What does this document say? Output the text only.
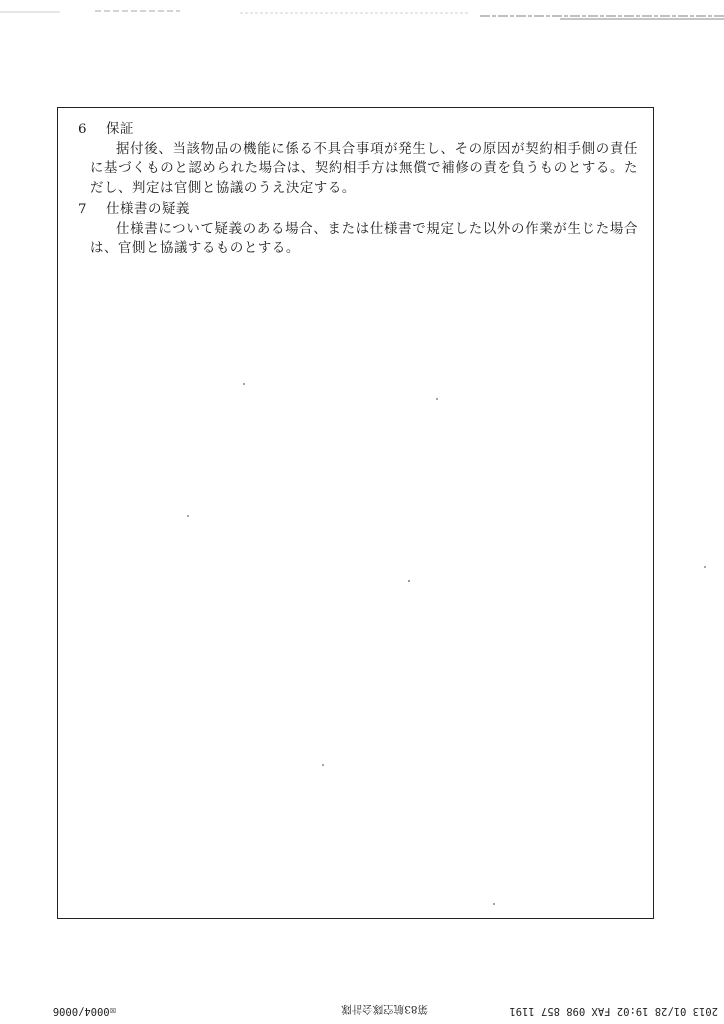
6 保証
据付後、当該物品の機能に係る不具合事項が発生し、その原因が契約相手側の責任に基づくものと認められた場合は、契約相手方は無償で補修の責を負うものとする。ただし、判定は官側と協議のうえ決定する。
7 仕様書の疑義
仕様書について疑義のある場合、または仕様書で規定した以外の作業が生じた場合は、官側と協議するものとする。
2013 01/28 19:02 FAX 098 857 1191
第83航空隊会計隊
☒0004/0006
